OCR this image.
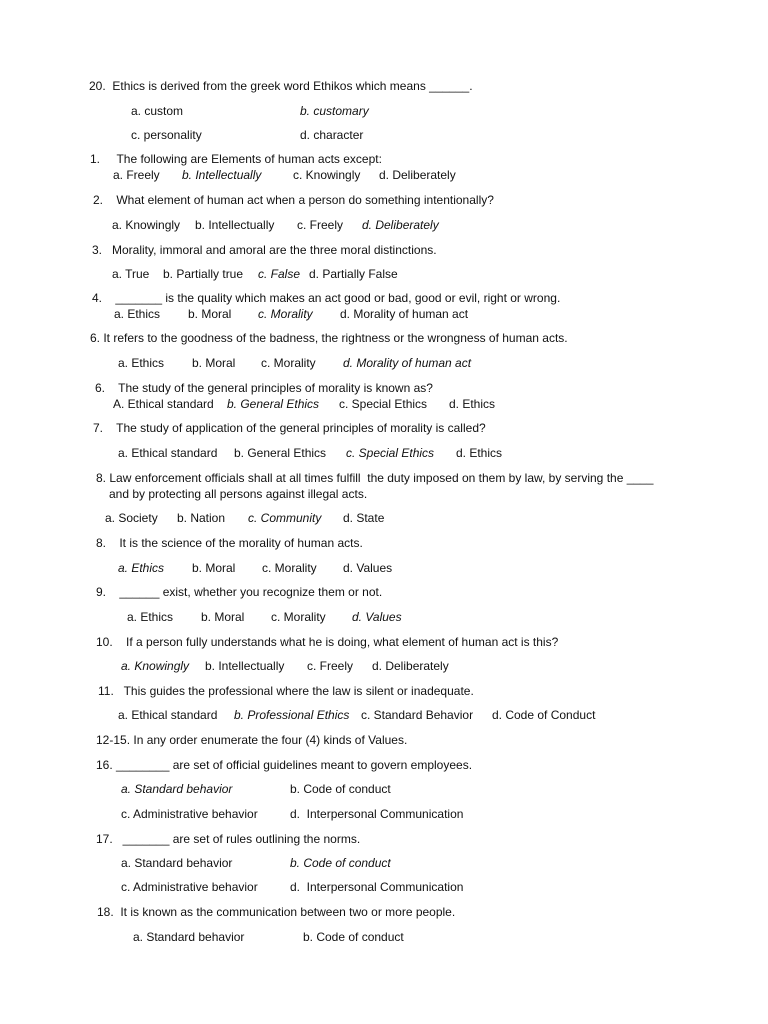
20.  Ethics is derived from the greek word Ethikos which means ______.
a. custom	b. customary
c. personality	d. character
1.     The following are Elements of human acts except:
a. Freely b. Intellectually	c. Knowingly d. Deliberately
2.    What element of human act when a person do something intentionally?
a. Knowingly b. Intellectually c. Freely d. Deliberately
3.   Morality, immoral and amoral are the three moral distinctions.
a. True b. Partially true c. False d. Partially False
4.    _______ is the quality which makes an act good or bad, good or evil, right or wrong.
a. Ethics b. Moral c. Morality d. Morality of human act
6. It refers to the goodness of the badness, the rightness or the wrongness of human acts.
a. Ethics b. Moral c. Morality d. Morality of human act
6.    The study of the general principles of morality is known as?
A. Ethical standard b. General Ethics c. Special Ethics d. Ethics
7.    The study of application of the general principles of morality is called?
a. Ethical standard b. General Ethics c. Special Ethics d. Ethics
8. Law enforcement officials shall at all times fulfill  the duty imposed on them by law, by serving the ____
and by protecting all persons against illegal acts.
a. Society b. Nation c. Community d. State
8.    It is the science of the morality of human acts.
a. Ethics b. Moral c. Morality d. Values
9.    ______ exist, whether you recognize them or not.
a. Ethics b. Moral c. Morality d. Values
10.    If a person fully understands what he is doing, what element of human act is this?
a. Knowingly b. Intellectually c. Freely d. Deliberately
11.   This guides the professional where the law is silent or inadequate.
a. Ethical standard b. Professional Ethics c. Standard Behavior d. Code of Conduct
12-15. In any order enumerate the four (4) kinds of Values.
16. ________ are set of official guidelines meant to govern employees.
a. Standard behavior	b. Code of conduct
c. Administrative behavior	d.  Interpersonal Communication
17.   _______ are set of rules outlining the norms.
a. Standard behavior	b. Code of conduct
c. Administrative behavior	d.  Interpersonal Communication
18.  It is known as the communication between two or more people.
a. Standard behavior	b. Code of conduct
